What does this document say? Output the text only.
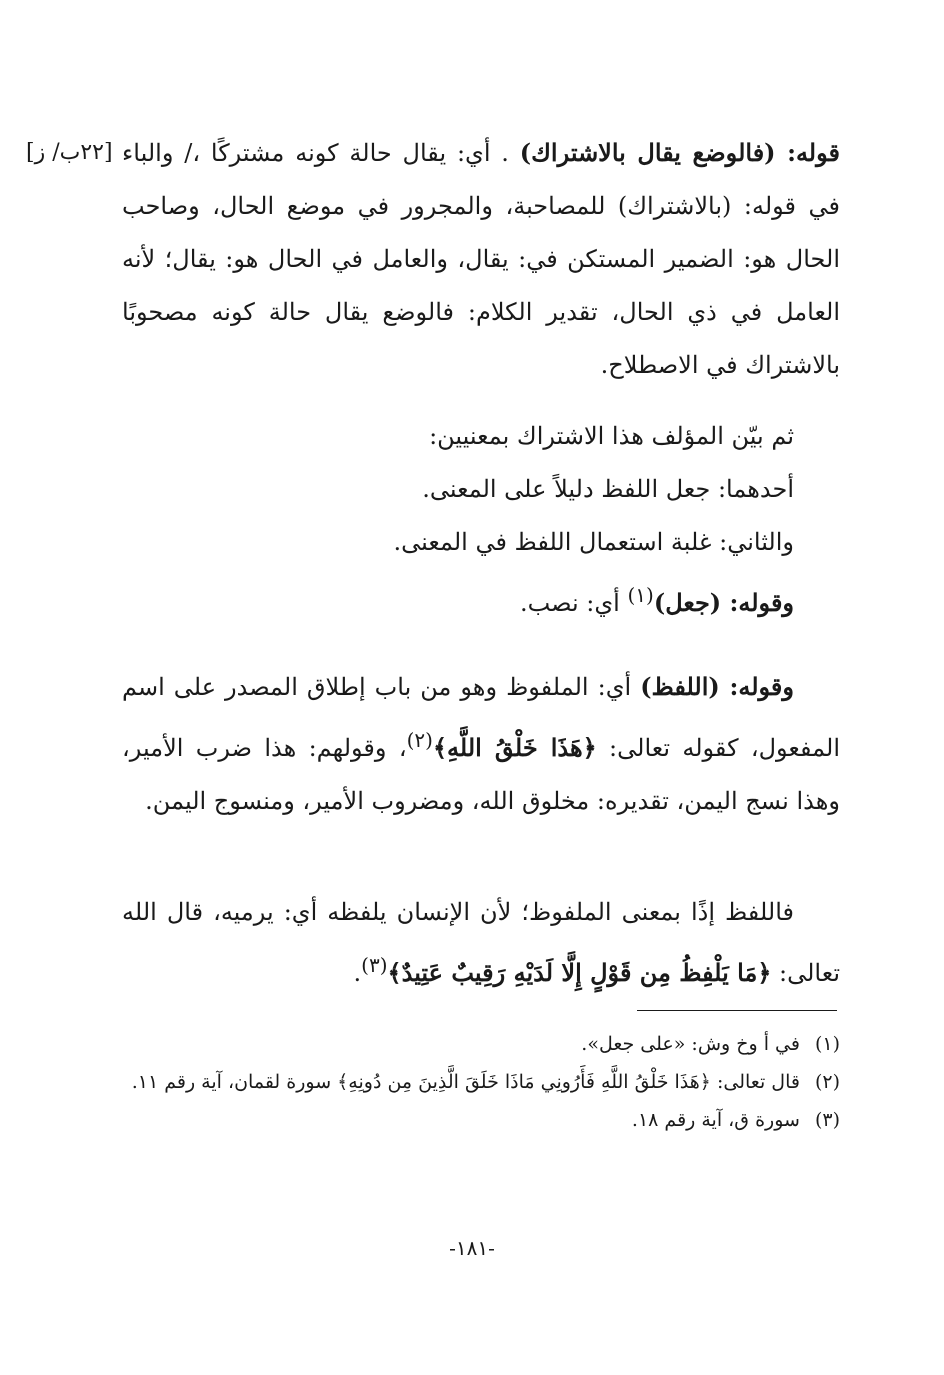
[٢٢ب/ ز]	قوله: (فالوضع يقال بالاشتراك) . أي: يقال حالة كونه مشتركًا ،/ والباء في قوله: (بالاشتراك) للمصاحبة، والمجرور في موضع الحال، وصاحب الحال هو: الضمير المستكن في: يقال، والعامل في الحال هو: يقال؛ لأنه العامل في ذي الحال، تقدير الكلام: فالوضع يقال حالة كونه مصحوبًا بالاشتراك في الاصطلاح.

ثم بيّن المؤلف هذا الاشتراك بمعنيين:

أحدهما: جعل اللفظ دليلاً على المعنى.

والثاني: غلبة استعمال اللفظ في المعنى.

وقوله: (جعل)$^{(١)}$ أي: نصب.

وقوله: (اللفظ) أي: الملفوظ وهو من باب إطلاق المصدر على اسم المفعول، كقوله تعالى: ﴿هَذَا خَلْقُ اللَّهِ﴾$^{(٢)}$، وقولهم: هذا ضرب الأمير، وهذا نسج اليمن، تقديره: مخلوق الله، ومضروب الأمير، ومنسوج اليمن.

فاللفظ إذًا بمعنى الملفوظ؛ لأن الإنسان يلفظه أي: يرميه، قال الله تعالى: ﴿مَا يَلْفِظُ مِن قَوْلٍ إِلَّا لَدَيْهِ رَقِيبٌ عَتِيدٌ﴾$^{(٣)}$.

(١) في أ وخ وش: «على جعل».

(٢) قال تعالى: ﴿هَذَا خَلْقُ اللَّهِ فَأَرُونِي مَاذَا خَلَقَ الَّذِينَ مِن دُونِهِ﴾ سورة لقمان، آية رقم ١١.

(٣) سورة ق، آية رقم ١٨.

-١٨١-
